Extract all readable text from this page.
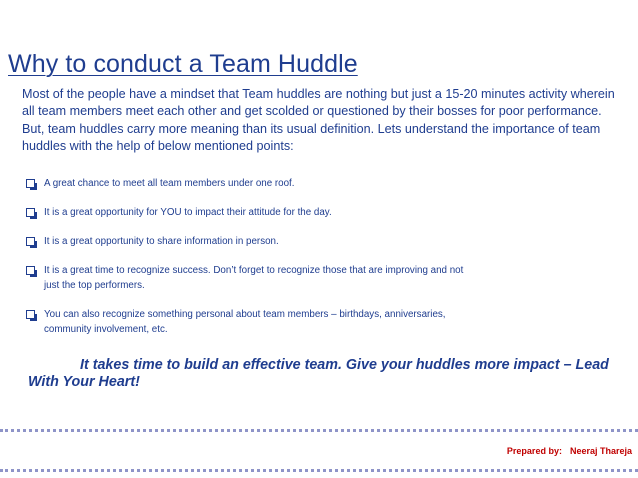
Why to conduct a Team Huddle

Most of the people have a mindset that Team huddles are nothing but just a 15-20 minutes activity wherein all team members meet each other and get scolded or questioned by their bosses for poor performance. But, team huddles carry more meaning than its usual definition. Lets understand the importance of team huddles with the help of below mentioned points:

A great chance to meet all team members under one roof.
It is a great opportunity for YOU to impact their attitude for the day.
It is a great opportunity to share information in person.
It is a great time to recognize success. Don’t forget to recognize those that are improving and not just the top performers.
You can also recognize something personal about team members – birthdays, anniversaries, community involvement, etc.

It takes time to build an effective team. Give your huddles more impact – Lead With Your Heart!

Prepared by: Neeraj Thareja
